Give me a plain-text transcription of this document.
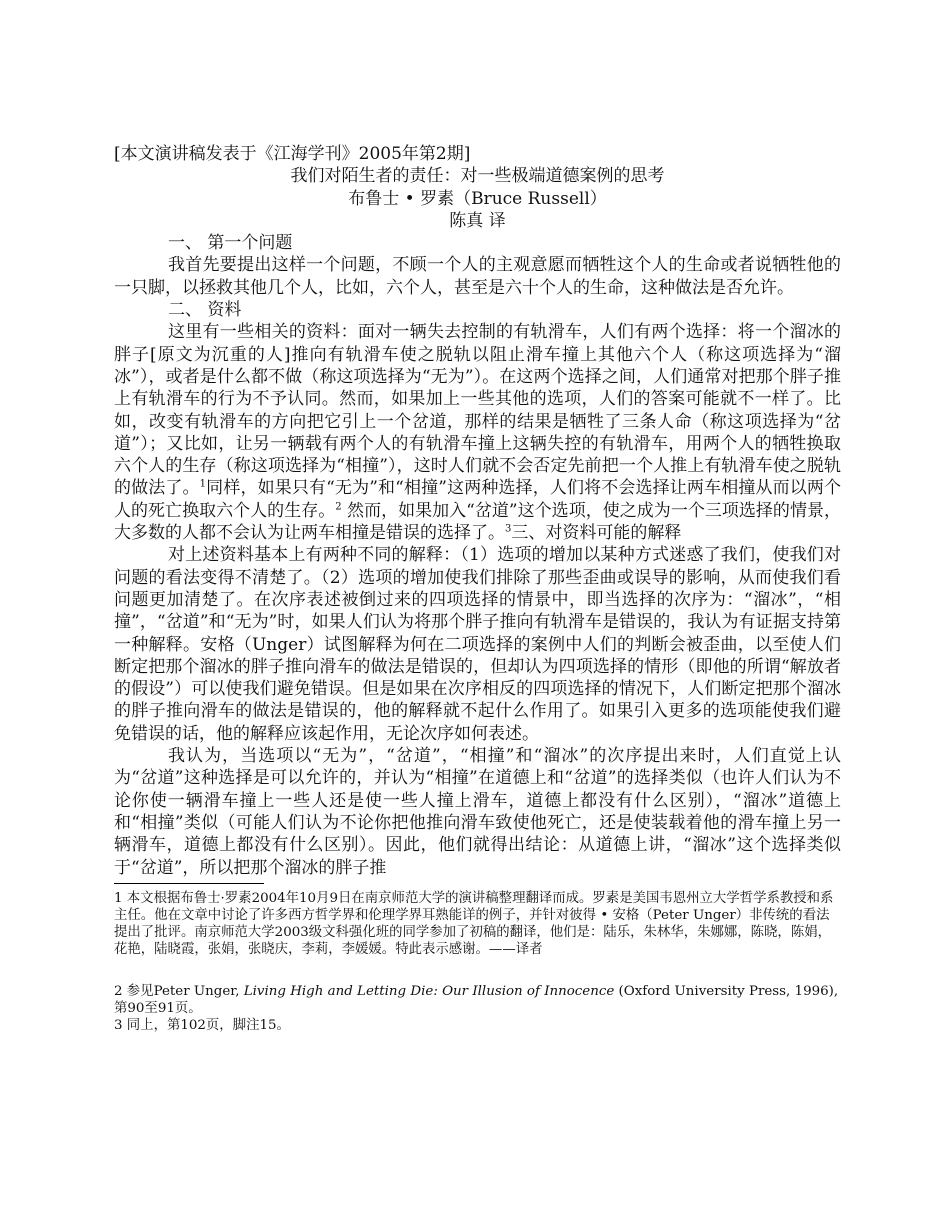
[本文演讲稿发表于《江海学刊》2005年第2期]

我们对陌生者的责任：对一些极端道德案例的思考

布鲁士 • 罗素（Bruce Russell）

陈真 译

一、 第一个问题

我首先要提出这样一个问题，不顾一个人的主观意愿而牺牲这个人的生命或者说牺牲他的一只脚，以拯救其他几个人，比如，六个人，甚至是六十个人的生命，这种做法是否允许。

二、 资料

这里有一些相关的资料：面对一辆失去控制的有轨滑车，人们有两个选择：将一个溜冰的胖子[原文为沉重的人]推向有轨滑车使之脱轨以阻止滑车撞上其他六个人（称这项选择为“溜冰”），或者是什么都不做（称这项选择为“无为”）。在这两个选择之间，人们通常对把那个胖子推上有轨滑车的行为不予认同。然而，如果加上一些其他的选项，人们的答案可能就不一样了。比如，改变有轨滑车的方向把它引上一个岔道，那样的结果是牺牲了三条人命（称这项选择为“岔道”）；又比如，让另一辆载有两个人的有轨滑车撞上这辆失控的有轨滑车，用两个人的牺牲换取六个人的生存（称这项选择为“相撞”），这时人们就不会否定先前把一个人推上有轨滑车使之脱轨的做法了。$^1$同样，如果只有“无为”和“相撞”这两种选择，人们将不会选择让两车相撞从而以两个人的死亡换取六个人的生存。$^2$ 然而，如果加入“岔道”这个选项，使之成为一个三项选择的情景，大多数的人都不会认为让两车相撞是错误的选择了。$^3$三、对资料可能的解释

对上述资料基本上有两种不同的解释：（1）选项的增加以某种方式迷惑了我们，使我们对问题的看法变得不清楚了。（2）选项的增加使我们排除了那些歪曲或误导的影响，从而使我们看问题更加清楚了。在次序表述被倒过来的四项选择的情景中，即当选择的次序为：“溜冰”，“相撞”，“岔道”和“无为”时，如果人们认为将那个胖子推向有轨滑车是错误的，我认为有证据支持第一种解释。安格（Unger）试图解释为何在二项选择的案例中人们的判断会被歪曲，以至使人们断定把那个溜冰的胖子推向滑车的做法是错误的，但却认为四项选择的情形（即他的所谓“解放者的假设”）可以使我们避免错误。但是如果在次序相反的四项选择的情况下，人们断定把那个溜冰的胖子推向滑车的做法是错误的，他的解释就不起什么作用了。如果引入更多的选项能使我们避免错误的话，他的解释应该起作用，无论次序如何表述。

我认为，当选项以“无为”，“岔道”，“相撞”和“溜冰”的次序提出来时，人们直觉上认为“岔道”这种选择是可以允许的，并认为“相撞”在道德上和“岔道”的选择类似（也许人们认为不论你使一辆滑车撞上一些人还是使一些人撞上滑车，道德上都没有什么区别），“溜冰”道德上和“相撞”类似（可能人们认为不论你把他推向滑车致使他死亡，还是使装载着他的滑车撞上另一辆滑车，道德上都没有什么区别）。因此，他们就得出结论：从道德上讲，“溜冰”这个选择类似于“岔道”，所以把那个溜冰的胖子推

1 本文根据布鲁士·罗素2004年10月9日在南京师范大学的演讲稿整理翻译而成。罗素是美国韦恩州立大学哲学系教授和系主任。他在文章中讨论了许多西方哲学界和伦理学界耳熟能详的例子，并针对彼得 • 安格（Peter Unger）非传统的看法提出了批评。南京师范大学2003级文科强化班的同学参加了初稿的翻译，他们是：陆乐，朱林华，朱娜娜，陈晓，陈娟，花艳，陆晓霞，张娟，张晓庆，李莉，李媛媛。特此表示感谢。——译者

2 参见Peter Unger, Living High and Letting Die: Our Illusion of Innocence (Oxford University Press, 1996), 第90至91页。

3 同上，第102页，脚注15。
